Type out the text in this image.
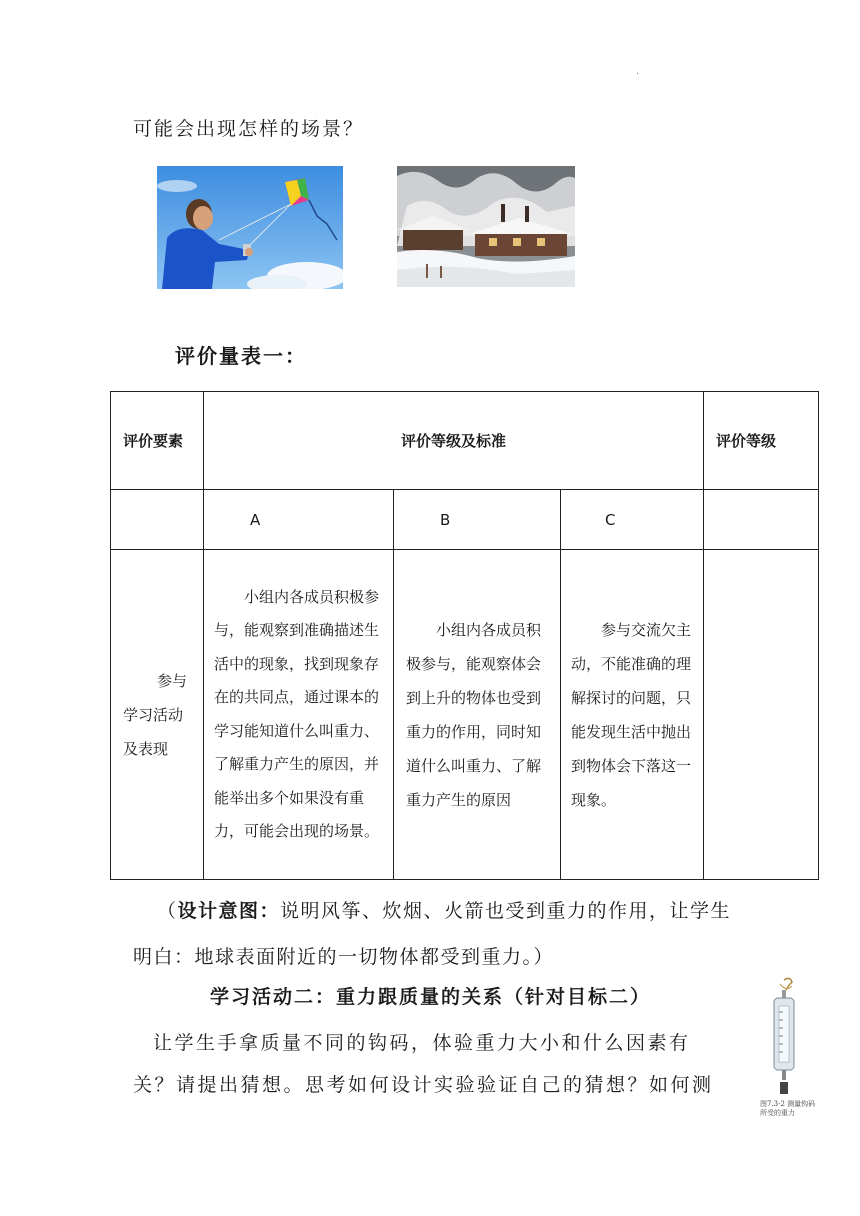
.
可能会出现怎样的场景？
评价量表一：
评价要素	评价等级及标准			评价等级
	A	B	C	

参与
学习活动
及表现	小组内各成员积极参与，能观察到准确描述生活中的现象，找到现象存在的共同点，通过课本的学习能知道什么叫重力、了解重力产生的原因，并能举出多个如果没有重力，可能会出现的场景。	小组内各成员积极参与，能观察体会到上升的物体也受到重力的作用，同时知道什么叫重力、了解重力产生的原因	参与交流欠主动，不能准确的理解探讨的问题，只能发现生活中抛出到物体会下落这一现象。	

（设计意图：说明风筝、炊烟、火箭也受到重力的作用，让学生明白：地球表面附近的一切物体都受到重力。）
学习活动二：重力跟质量的关系（针对目标二）
让学生手拿质量不同的钩码，体验重力大小和什么因素有关？请提出猜想。思考如何设计实验验证自己的猜想？如何测
图7.3-2 测量钩码所受的重力
